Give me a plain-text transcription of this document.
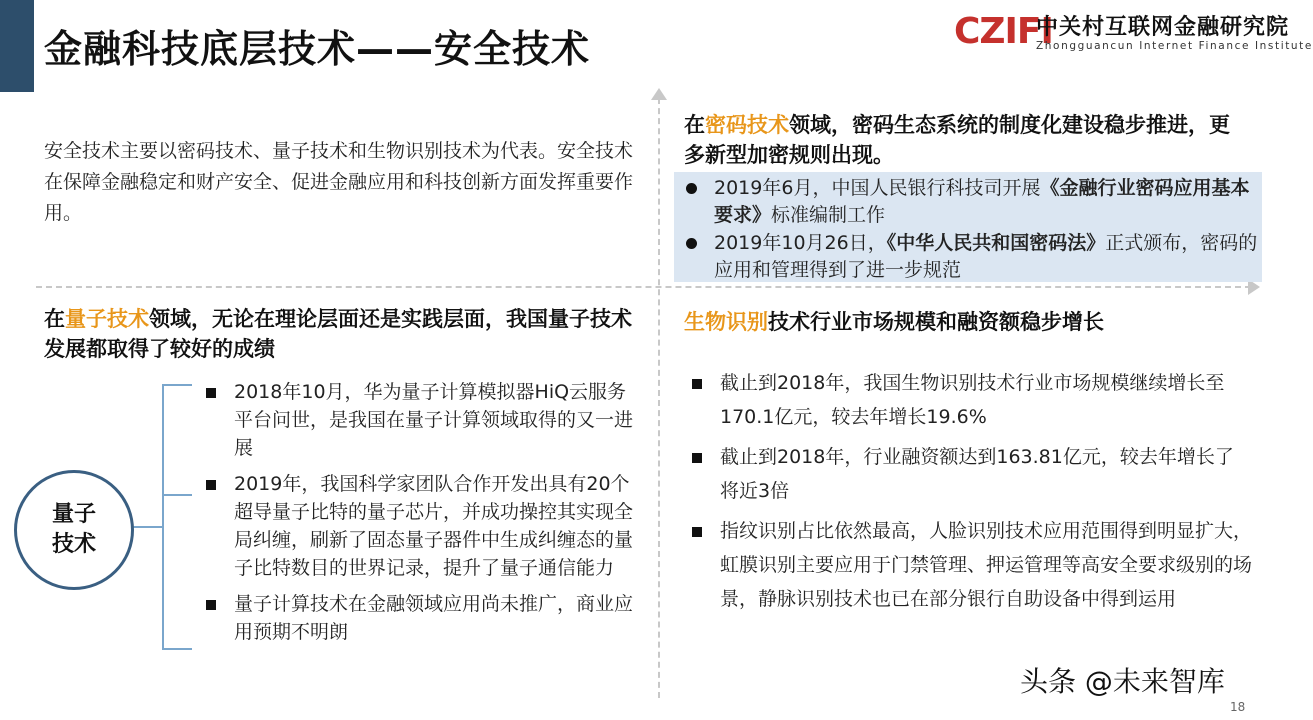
金融科技底层技术——安全技术	CZIFI
中关村互联网金融研究院
Zhongguancun Internet Finance Institute
安全技术主要以密码技术、量子技术和生物识别技术为代表。安全技术在保障金融稳定和财产安全、促进金融应用和科技创新方面发挥重要作用。
在量子技术领域，无论在理论层面还是实践层面，我国量子技术发展都取得了较好的成绩
量子
技术
2018年10月，华为量子计算模拟器HiQ云服务平台问世，是我国在量子计算领域取得的又一进展
2019年，我国科学家团队合作开发出具有20个超导量子比特的量子芯片，并成功操控其实现全局纠缠，刷新了固态量子器件中生成纠缠态的量子比特数目的世界记录，提升了量子通信能力
量子计算技术在金融领域应用尚未推广，商业应用预期不明朗
在密码技术领域，密码生态系统的制度化建设稳步推进，更多新型加密规则出现。
2019年6月，中国人民银行科技司开展《金融行业密码应用基本要求》标准编制工作
2019年10月26日，《中华人民共和国密码法》正式颁布，密码的应用和管理得到了进一步规范
生物识别技术行业市场规模和融资额稳步增长
截止到2018年，我国生物识别技术行业市场规模继续增长至170.1亿元，较去年增长19.6%
截止到2018年，行业融资额达到163.81亿元，较去年增长了将近3倍
指纹识别占比依然最高，人脸识别技术应用范围得到明显扩大，虹膜识别主要应用于门禁管理、押运管理等高安全要求级别的场景，静脉识别技术也已在部分银行自助设备中得到运用
头条 @未来智库
18
